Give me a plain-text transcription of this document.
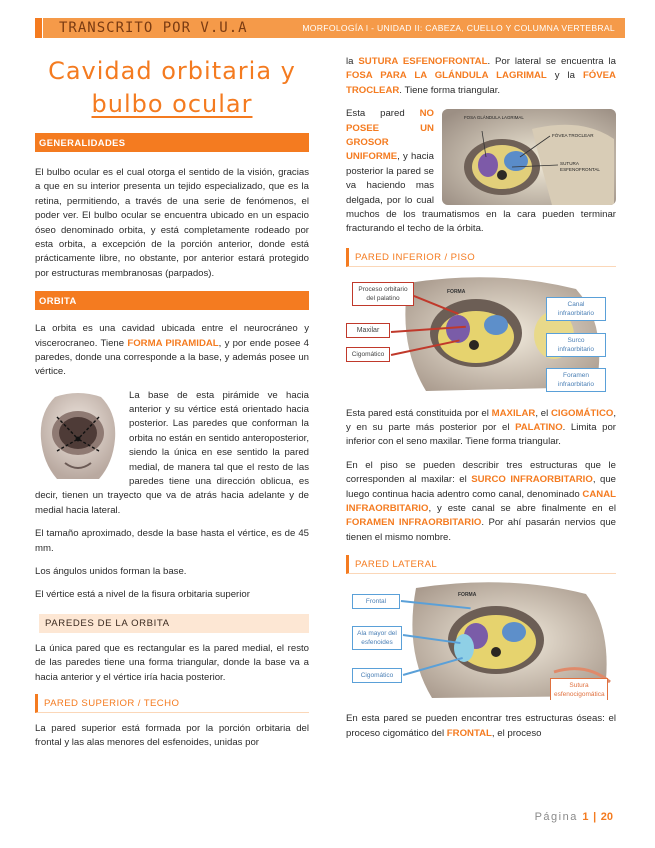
TRANSCRITO POR V.U.A	MORFOLOGÍA I - UNIDAD II: CABEZA, CUELLO Y COLUMNA VERTEBRAL
Cavidad orbitaria y
bulbo ocular
GENERALIDADES

El bulbo ocular es el cual otorga el sentido de la visión, gracias a que en su interior presenta un tejido especializado, que es la retina, permitiendo, a través de una serie de fenómenos, el poder ver. El bulbo ocular se encuentra ubicado en un espacio óseo denominado orbita, y está completamente rodeado por esta orbita, a excepción de la porción anterior, donde está prácticamente libre, no obstante, por anterior estará protegido por estructuras membranosas (parpados).

ORBITA

La orbita es una cavidad ubicada entre el neurocráneo y viscerocraneo. Tiene FORMA PIRAMIDAL, y por ende posee 4 paredes, donde una corresponde a la base, y además posee un vértice.

La base de esta pirámide ve hacia anterior y su vértice está orientado hacia posterior. Las paredes que conforman la orbita no están en sentido anteroposterior, siendo la única en ese sentido la pared medial, de manera tal que el resto de las paredes tiene una dirección oblicua, es decir, tienen un trayecto que va de atrás hacia adelante y de medial hacia lateral.

El tamaño aproximado, desde la base hasta el vértice, es de 45 mm.

Los ángulos unidos forman la base.

El vértice está a nivel de la fisura orbitaria superior

PAREDES DE LA ORBITA

La única pared que es rectangular es la pared medial, el resto de las paredes tiene una forma triangular, donde la base va a hacia anterior y el vértice iría hacia posterior.

PARED SUPERIOR / TECHO

La pared superior está formada por la porción orbitaria del frontal y las alas menores del esfenoides, unidas por

la SUTURA ESFENOFRONTAL. Por lateral se encuentra la FOSA PARA LA GLÁNDULA LAGRIMAL y la FÓVEA TROCLEAR. Tiene forma triangular.

FOSA GLÁNDULA LAGRIMAL
FÓVEA TROCLEAR
SUTURA ESFENOFRONTAL

Esta pared NO POSEE UN GROSOR UNIFORME, y hacia posterior la pared se va haciendo mas delgada, por lo cual muchos de los traumatismos en la cara pueden terminar fracturando el techo de la órbita.

PARED INFERIOR / PISO
FORMA
Proceso orbitario del palatino
Maxilar
Cigomático
Canal infraorbitario
Surco infraorbitario
Foramen infraorbitario

Esta pared está constituida por el MAXILAR, el CIGOMÁTICO, y en su parte más posterior por el PALATINO. Limita por inferior con el seno maxilar. Tiene forma triangular.

En el piso se pueden describir tres estructuras que le corresponden al maxilar: el SURCO INFRAORBITARIO, que luego continua hacia adentro como canal, denominado CANAL INFRAORBITARIO, y este canal se abre finalmente en el FORAMEN INFRAORBITARIO. Por ahí pasarán nervios que tienen el mismo nombre.

PARED LATERAL
FORMA
Frontal
Ala mayor del esfenoides
Cigomático
Sutura esfenocigomática

En esta pared se pueden encontrar tres estructuras óseas: el proceso cigomático del FRONTAL, el proceso

Página 1 | 20
